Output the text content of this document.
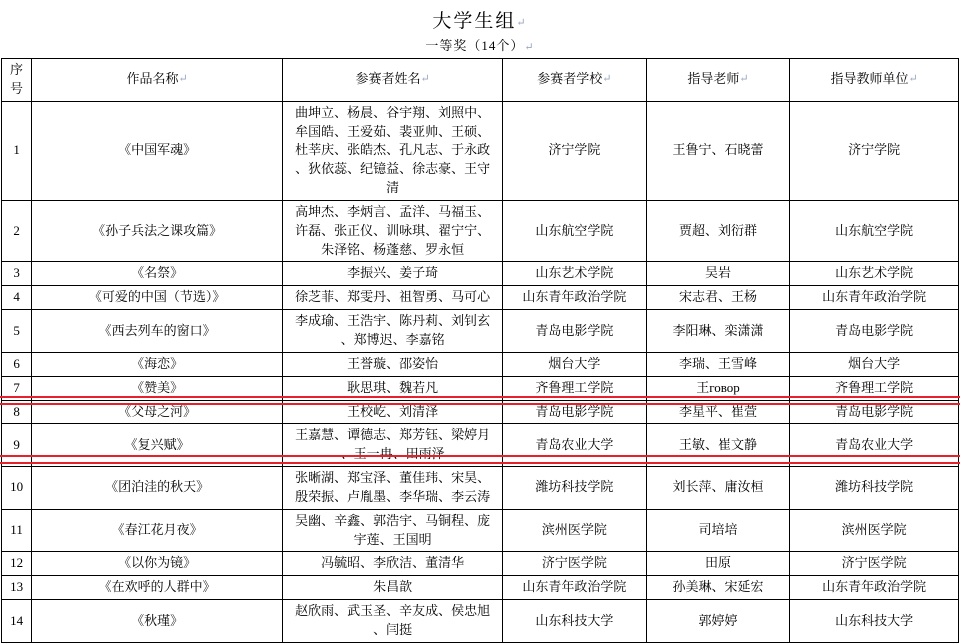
大学生组↵
一等奖（14个）↵
序号	作品名称↵	参赛者姓名↵	参赛者学校↵	指导老师↵	指导教师单位↵
1	《中国军魂》	曲坤立、杨晨、谷宇翔、刘照中、
牟国皓、王爱茹、裴亚帅、王硕、
杜莘庆、张皓杰、孔凡志、于永政
、狄依蕊、纪镱益、徐志豪、王守
清	济宁学院	王鲁宁、石晓蕾	济宁学院
2	《孙子兵法之课攻篇》	高坤杰、李炳言、孟洋、马福玉、
许磊、张正仪、训咏琪、翟宁宁、
朱泽铭、杨蓬慈、罗永恒	山东航空学院	贾超、刘衍群	山东航空学院
3	《名祭》	李振兴、姜子琦	山东艺术学院	吴岩	山东艺术学院
4	《可爱的中国（节选）》	徐芝菲、郑雯丹、祖智勇、马可心	山东青年政治学院	宋志君、王杨	山东青年政治学院
5	《西去列车的窗口》	李成瑜、王浩宇、陈丹莉、刘钊玄
、郑博迟、李嘉铭	青岛电影学院	李阳琳、栾潇潇	青岛电影学院
6	《海恋》	王誉璇、邵姿怡	烟台大学	李瑞、王雪峰	烟台大学
7	《赞美》	耿思琪、魏若凡	齐鲁理工学院	王говор	齐鲁理工学院
8	《父母之河》	王校屹、刘清泽	青岛电影学院	李星平、崔萱	青岛电影学院
9	《复兴赋》	王嘉慧、谭德志、郑芳钰、梁婷月
、王一冉、田雨泽	青岛农业大学	王敏、崔文静	青岛农业大学
10	《团泊洼的秋天》	张晰湖、郑宝泽、董佳玮、宋昊、
殷荣振、卢胤墨、李华瑞、李云涛	潍坊科技学院	刘长萍、庸汝桓	潍坊科技学院
11	《春江花月夜》	吴幽、辛鑫、郭浩宇、马铜程、庞
宇莲、王国明	滨州医学院	司培培	滨州医学院
12	《以你为镜》	冯毓昭、李欣洁、董清华	济宁医学院	田原	济宁医学院
13	《在欢呼的人群中》	朱昌歆	山东青年政治学院	孙美琳、宋延宏	山东青年政治学院
14	《秋瑾》	赵欣雨、武玉圣、辛友成、侯忠旭
、闫挺	山东科技大学	郭婷婷	山东科技大学
